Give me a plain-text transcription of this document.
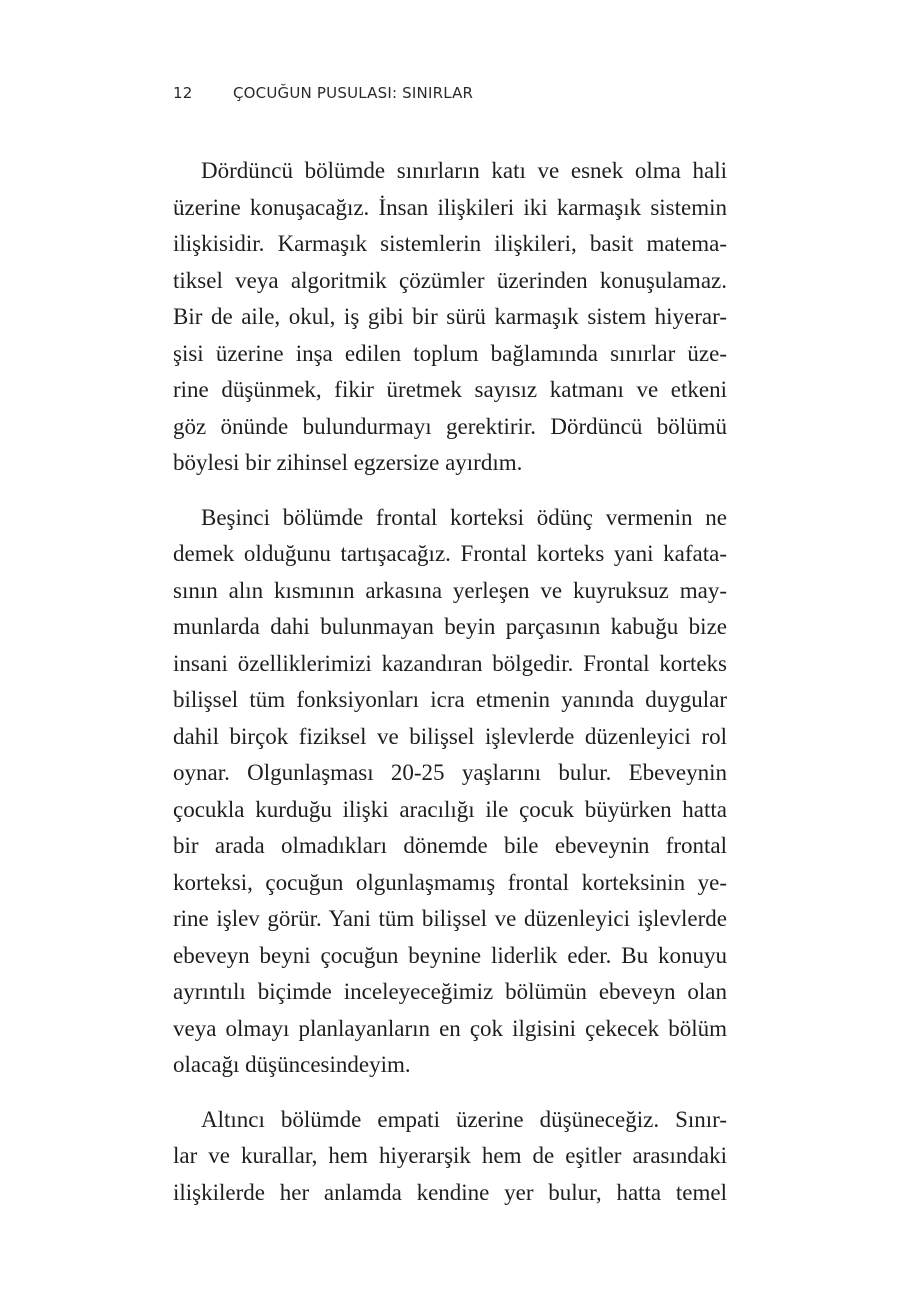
12	ÇOCUĞUN PUSULASI: SINIRLAR
Dördüncü bölümde sınırların katı ve esnek olma hali
üzerine konuşacağız. İnsan ilişkileri iki karmaşık sistemin
ilişkisidir. Karmaşık sistemlerin ilişkileri, basit matema-
tiksel veya algoritmik çözümler üzerinden konuşulamaz.
Bir de aile, okul, iş gibi bir sürü karmaşık sistem hiyerar-
şisi üzerine inşa edilen toplum bağlamında sınırlar üze-
rine düşünmek, fikir üretmek sayısız katmanı ve etkeni
göz önünde bulundurmayı gerektirir. Dördüncü bölümü
böylesi bir zihinsel egzersize ayırdım.
Beşinci bölümde frontal korteksi ödünç vermenin ne
demek olduğunu tartışacağız. Frontal korteks yani kafata-
sının alın kısmının arkasına yerleşen ve kuyruksuz may-
munlarda dahi bulunmayan beyin parçasının kabuğu bize
insani özelliklerimizi kazandıran bölgedir. Frontal korteks
bilişsel tüm fonksiyonları icra etmenin yanında duygular
dahil birçok fiziksel ve bilişsel işlevlerde düzenleyici rol
oynar. Olgunlaşması 20-25 yaşlarını bulur. Ebeveynin
çocukla kurduğu ilişki aracılığı ile çocuk büyürken hatta
bir arada olmadıkları dönemde bile ebeveynin frontal
korteksi, çocuğun olgunlaşmamış frontal korteksinin ye-
rine işlev görür. Yani tüm bilişsel ve düzenleyici işlevlerde
ebeveyn beyni çocuğun beynine liderlik eder. Bu konuyu
ayrıntılı biçimde inceleyeceğimiz bölümün ebeveyn olan
veya olmayı planlayanların en çok ilgisini çekecek bölüm
olacağı düşüncesindeyim.
Altıncı bölümde empati üzerine düşüneceğiz. Sınır-
lar ve kurallar, hem hiyerarşik hem de eşitler arasındaki
ilişkilerde her anlamda kendine yer bulur, hatta temel
